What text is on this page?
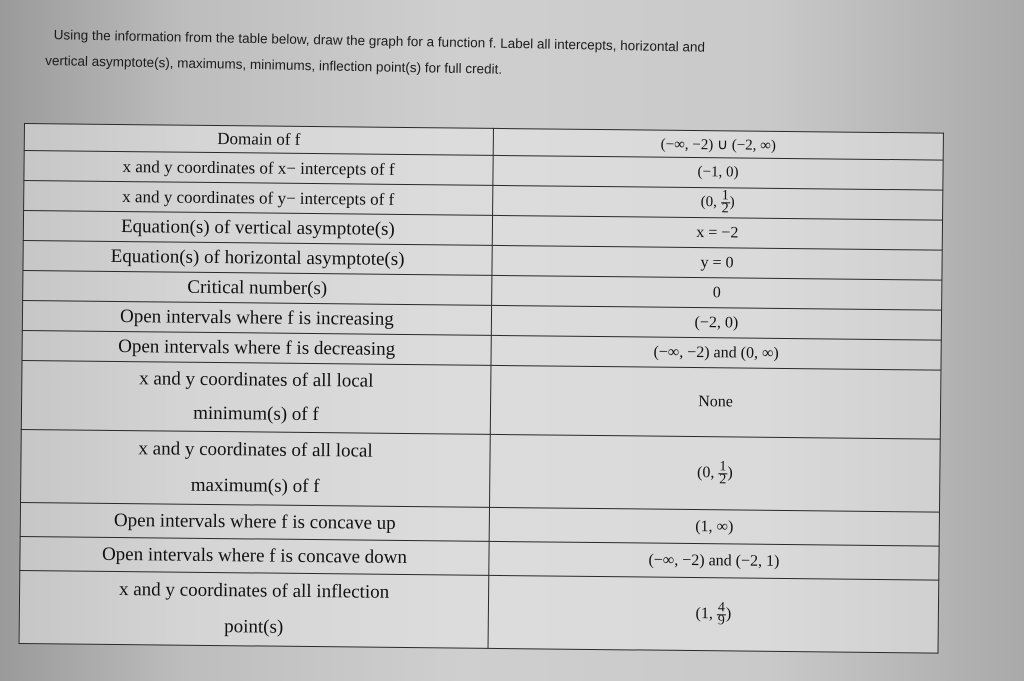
Using the information from the table below, draw the graph for a function f. Label all intercepts, horizontal and
vertical asymptote(s), maximums, minimums, inflection point(s) for full credit.
Domain of f	(−∞, −2) ∪ (−2, ∞)
x and y coordinates of x− intercepts of f	(−1, 0)
x and y coordinates of y− intercepts of f	(0, $\frac{1}{2}$ )
Equation(s) of vertical asymptote(s)	x = −2
Equation(s) of horizontal asymptote(s)	y = 0
Critical number(s)	0
Open intervals where f is increasing	(−2, 0)
Open intervals where f is decreasing	(−∞, −2) and (0, ∞)

x and y coordinates of all local
minimum(s) of f	None

x and y coordinates of all local
maximum(s) of f	(0, $\frac{1}{2}$ )
Open intervals where f is concave up	(1, ∞)
Open intervals where f is concave down	(−∞, −2) and (−2, 1)

x and y coordinates of all inflection
point(s)	(1, $\frac{4}{9}$ )
